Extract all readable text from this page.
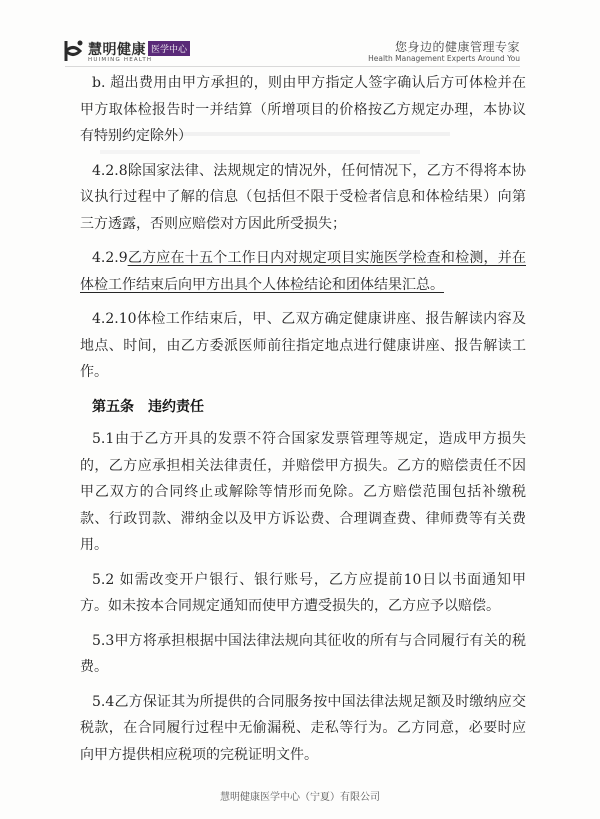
慧明健康 医学中心
HUIMING HEALTH
您身边的健康管理专家
Health Management Experts Around You

b. 超出费用由甲方承担的，则由甲方指定人签字确认后方可体检并在甲方取体检报告时一并结算（所增项目的价格按乙方规定办理，本协议有特别约定除外）

4.2.8除国家法律、法规规定的情况外，任何情况下，乙方不得将本协议执行过程中了解的信息（包括但不限于受检者信息和体检结果）向第三方透露，否则应赔偿对方因此所受损失；

4.2.9乙方应在十五个工作日内对规定项目实施医学检查和检测，并在体检工作结束后向甲方出具个人体检结论和团体结果汇总。

4.2.10体检工作结束后，甲、乙双方确定健康讲座、报告解读内容及地点、时间，由乙方委派医师前往指定地点进行健康讲座、报告解读工作。

第五条　违约责任

5.1由于乙方开具的发票不符合国家发票管理等规定，造成甲方损失的，乙方应承担相关法律责任，并赔偿甲方损失。乙方的赔偿责任不因甲乙双方的合同终止或解除等情形而免除。乙方赔偿范围包括补缴税款、行政罚款、滞纳金以及甲方诉讼费、合理调查费、律师费等有关费用。

5.2 如需改变开户银行、银行账号，乙方应提前10日以书面通知甲方。如未按本合同规定通知而使甲方遭受损失的，乙方应予以赔偿。

5.3甲方将承担根据中国法律法规向其征收的所有与合同履行有关的税费。

5.4乙方保证其为所提供的合同服务按中国法律法规足额及时缴纳应交税款，在合同履行过程中无偷漏税、走私等行为。乙方同意，必要时应向甲方提供相应税项的完税证明文件。

慧明健康医学中心（宁夏）有限公司
